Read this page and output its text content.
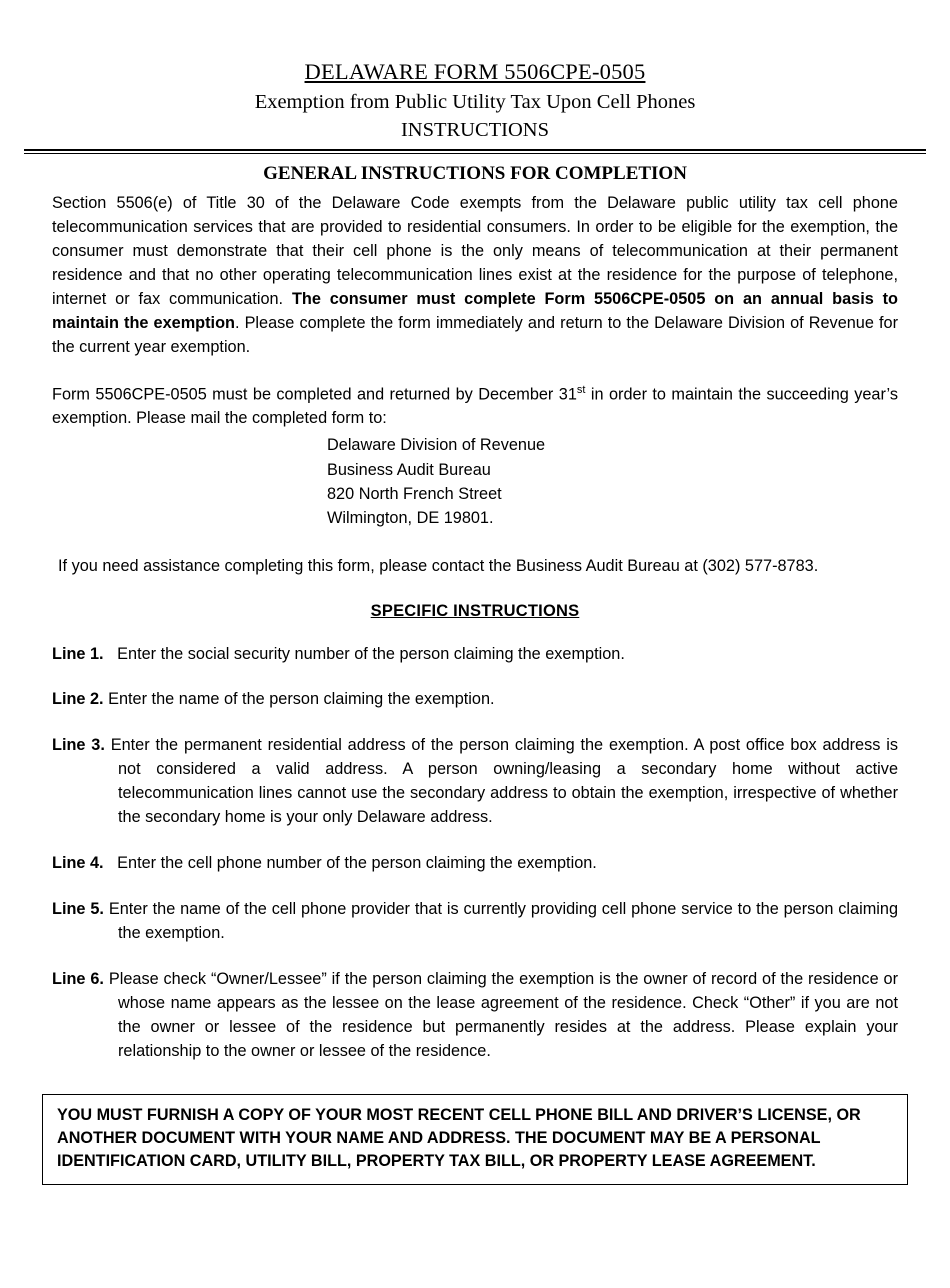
DELAWARE FORM 5506CPE-0505
Exemption from Public Utility Tax Upon Cell Phones
INSTRUCTIONS
GENERAL INSTRUCTIONS FOR COMPLETION

Section 5506(e) of Title 30 of the Delaware Code exempts from the Delaware public utility tax cell phone telecommunication services that are provided to residential consumers. In order to be eligible for the exemption, the consumer must demonstrate that their cell phone is the only means of telecommunication at their permanent residence and that no other operating telecommunication lines exist at the residence for the purpose of telephone, internet or fax communication. The consumer must complete Form 5506CPE-0505 on an annual basis to maintain the exemption. Please complete the form immediately and return to the Delaware Division of Revenue for the current year exemption.

Form 5506CPE-0505 must be completed and returned by December 31st in order to maintain the succeeding year’s exemption. Please mail the completed form to:

Delaware Division of Revenue
Business Audit Bureau
820 North French Street
Wilmington, DE 19801.
If you need assistance completing this form, please contact the Business Audit Bureau at (302) 577-8783.
SPECIFIC INSTRUCTIONS
Line 1. Enter the social security number of the person claiming the exemption.
Line 2. Enter the name of the person claiming the exemption.
Line 3. Enter the permanent residential address of the person claiming the exemption. A post office box address is not considered a valid address. A person owning/leasing a secondary home without active telecommunication lines cannot use the secondary address to obtain the exemption, irrespective of whether the secondary home is your only Delaware address.
Line 4. Enter the cell phone number of the person claiming the exemption.
Line 5. Enter the name of the cell phone provider that is currently providing cell phone service to the person claiming the exemption.
Line 6. Please check “Owner/Lessee” if the person claiming the exemption is the owner of record of the residence or whose name appears as the lessee on the lease agreement of the residence. Check “Other” if you are not the owner or lessee of the residence but permanently resides at the address. Please explain your relationship to the owner or lessee of the residence.
YOU MUST FURNISH A COPY OF YOUR MOST RECENT CELL PHONE BILL AND DRIVER’S LICENSE, OR ANOTHER DOCUMENT WITH YOUR NAME AND ADDRESS. THE DOCUMENT MAY BE A PERSONAL IDENTIFICATION CARD, UTILITY BILL, PROPERTY TAX BILL, OR PROPERTY LEASE AGREEMENT.
